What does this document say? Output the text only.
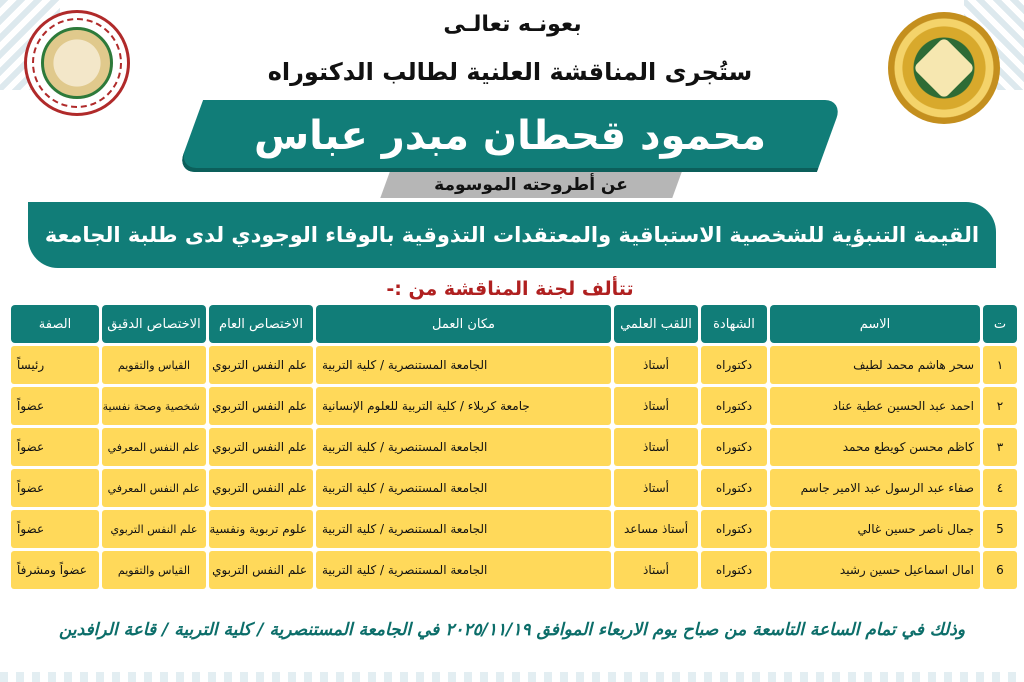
بعونـه تعالـى
ستُجرى المناقشة العلنية لطالب الدكتوراه
محمود قحطان مبدر عباس
عن أطروحته الموسومة
القيمة التنبؤية للشخصية الاستباقية والمعتقدات التذوقية بالوفاء الوجودي لدى طلبة الجامعة
تتألف لجنة المناقشة من :-
ت	الاسم	الشهادة	اللقب العلمي	مكان العمل	الاختصاص العام	الاختصاص الدقيق	الصفة
١	سحر هاشم محمد لطيف	دكتوراه	أستاذ	الجامعة المستنصرية / كلية التربية	علم النفس التربوي	القياس والتقويم	رئيساً
٢	احمد عبد الحسين عطية عناد	دكتوراه	أستاذ	جامعة كربلاء / كلية التربية للعلوم الإنسانية	علم النفس التربوي	شخصية وصحة نفسية	عضواً
٣	كاظم محسن كويطع محمد	دكتوراه	أستاذ	الجامعة المستنصرية / كلية التربية	علم النفس التربوي	علم النفس المعرفي	عضواً
٤	صفاء عبد الرسول عبد الامير جاسم	دكتوراه	أستاذ	الجامعة المستنصرية / كلية التربية	علم النفس التربوي	علم النفس المعرفي	عضواً
5	جمال ناصر حسين غالي	دكتوراه	أستاذ مساعد	الجامعة المستنصرية / كلية التربية	علوم تربوية ونفسية	علم النفس التربوي	عضواً
6	امال اسماعيل حسين رشيد	دكتوراه	أستاذ	الجامعة المستنصرية / كلية التربية	علم النفس التربوي	القياس والتقويم	عضواً ومشرفاً
وذلك في تمام الساعة التاسعة من صباح يوم الاربعاء الموافق ٢٠٢٥/١١/١٩ في الجامعة المستنصرية / كلية التربية / قاعة الرافدين
